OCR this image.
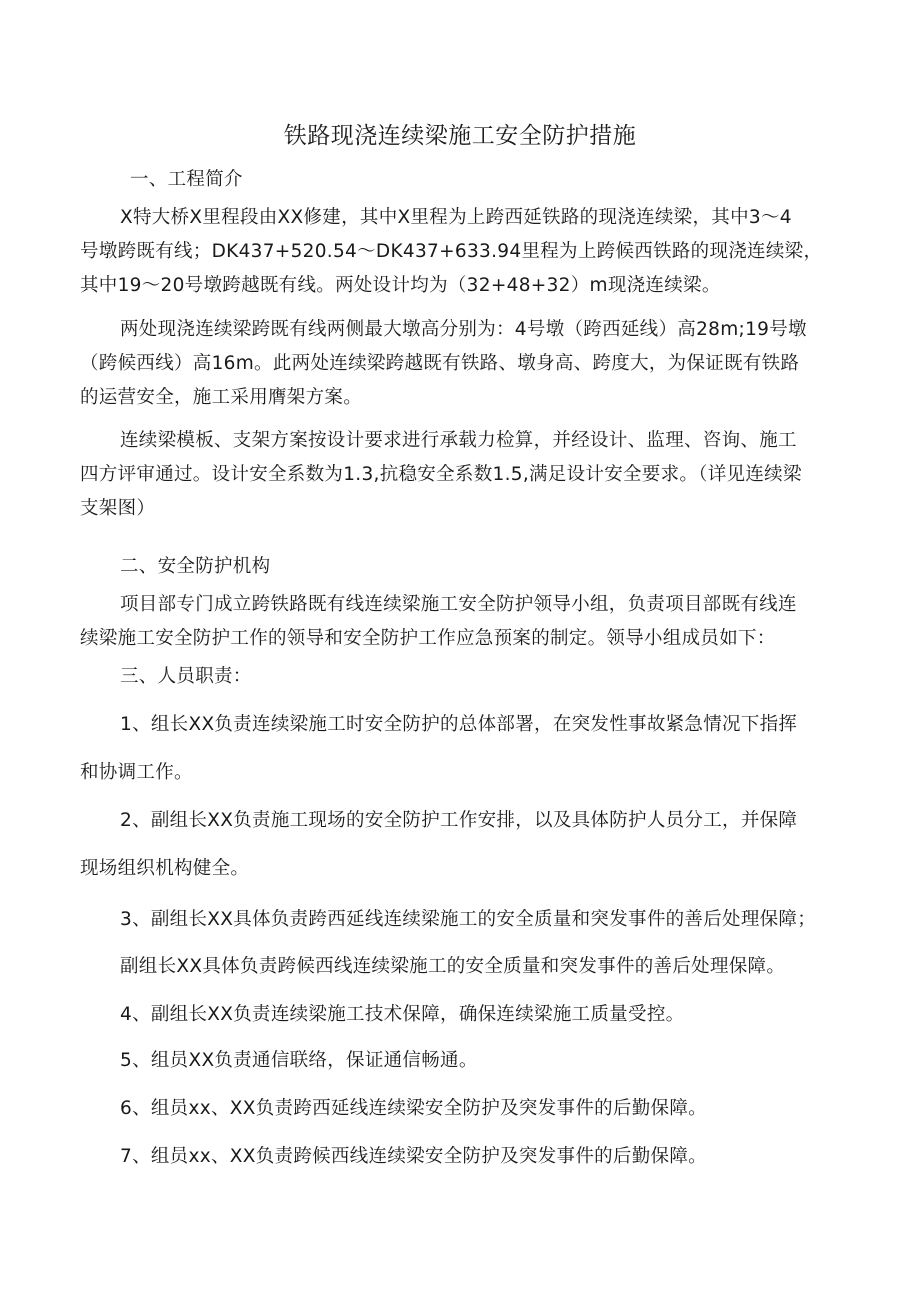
铁路现浇连续梁施工安全防护措施
一、工程简介
X特大桥X里程段由XX修建，其中X里程为上跨西延铁路的现浇连续梁，其中3～4
号墩跨既有线；DK437+520.54～DK437+633.94里程为上跨候西铁路的现浇连续梁，
其中19～20号墩跨越既有线。两处设计均为（32+48+32）m现浇连续梁。
两处现浇连续梁跨既有线两侧最大墩高分别为：4号墩（跨西延线）高28m;19号墩
（跨候西线）高16m。此两处连续梁跨越既有铁路、墩身高、跨度大，为保证既有铁路
的运营安全，施工采用膺架方案。
连续梁模板、支架方案按设计要求进行承载力检算，并经设计、监理、咨询、施工
四方评审通过。设计安全系数为1.3,抗稳安全系数1.5,满足设计安全要求。（详见连续梁
支架图）
二、安全防护机构
项目部专门成立跨铁路既有线连续梁施工安全防护领导小组，负责项目部既有线连
续梁施工安全防护工作的领导和安全防护工作应急预案的制定。领导小组成员如下：
三、人员职责：
1、组长XX负责连续梁施工时安全防护的总体部署，在突发性事故紧急情况下指挥
和协调工作。
2、副组长XX负责施工现场的安全防护工作安排，以及具体防护人员分工，并保障
现场组织机构健全。
3、副组长XX具体负责跨西延线连续梁施工的安全质量和突发事件的善后处理保障；
副组长XX具体负责跨候西线连续梁施工的安全质量和突发事件的善后处理保障。
4、副组长XX负责连续梁施工技术保障，确保连续梁施工质量受控。
5、组员XX负责通信联络，保证通信畅通。
6、组员xx、XX负责跨西延线连续梁安全防护及突发事件的后勤保障。
7、组员xx、XX负责跨候西线连续梁安全防护及突发事件的后勤保障。
